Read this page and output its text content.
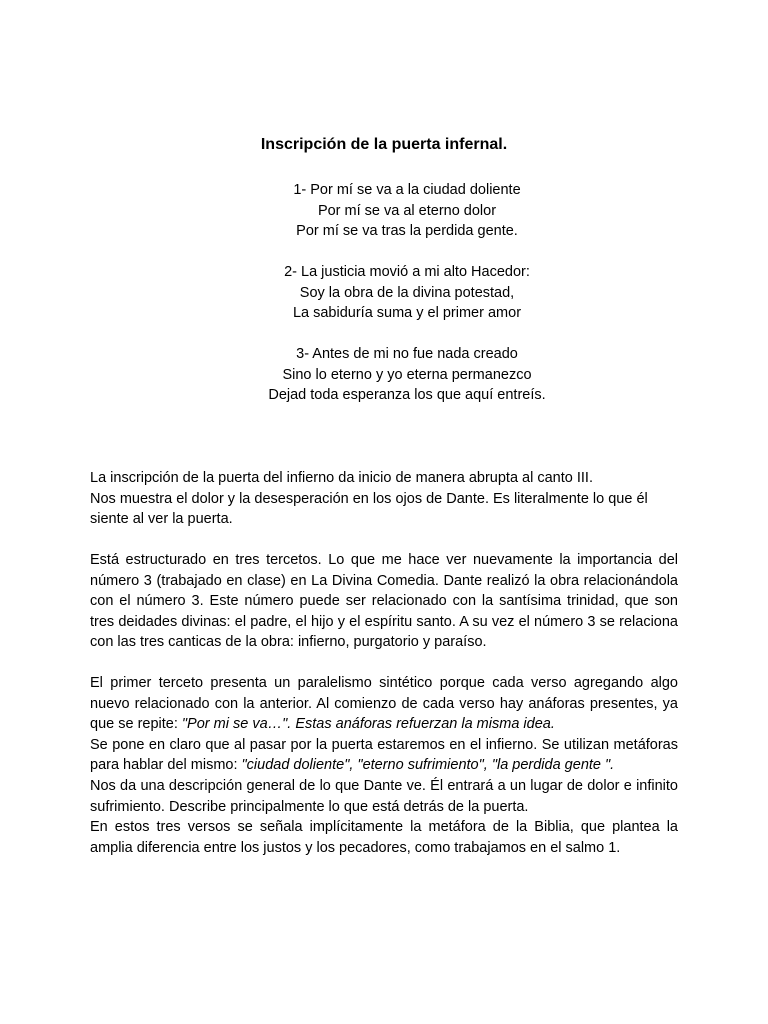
Inscripción de la puerta infernal.
1- Por mí se va a la ciudad doliente
Por mí se va al eterno dolor
Por mí se va tras la perdida gente.
2- La justicia movió a mi alto Hacedor:
Soy la obra de la divina potestad,
La sabiduría suma y el primer amor
3- Antes de mi no fue nada creado
Sino lo eterno y yo eterna permanezco
Dejad toda esperanza los que aquí entreís.
La inscripción de la puerta del infierno da inicio de manera abrupta al canto III.
Nos muestra el dolor y la desesperación en los ojos de Dante. Es literalmente lo que él siente al ver la puerta.
Está estructurado en tres tercetos. Lo que me hace ver nuevamente la importancia del número 3 (trabajado en clase) en La Divina Comedia. Dante realizó la obra relacionándola con el número 3. Este número puede ser relacionado con la santísima trinidad, que son tres deidades divinas: el padre, el hijo y el espíritu santo. A su vez el número 3 se relaciona con las tres canticas de la obra: infierno, purgatorio y paraíso.
El primer terceto presenta un paralelismo sintético porque cada verso agregando algo nuevo relacionado con la anterior. Al comienzo de cada verso hay anáforas presentes, ya que se repite: "Por mi se va…". Estas anáforas refuerzan la misma idea.
Se pone en claro que al pasar por la puerta estaremos en el infierno. Se utilizan metáforas para hablar del mismo: "ciudad doliente", "eterno sufrimiento", "la perdida gente ".
Nos da una descripción general de lo que Dante ve. Él entrará a un lugar de dolor e infinito sufrimiento. Describe principalmente lo que está detrás de la puerta.
En estos tres versos se señala implícitamente la metáfora de la Biblia, que plantea la amplia diferencia entre los justos y los pecadores, como trabajamos en el salmo 1.
